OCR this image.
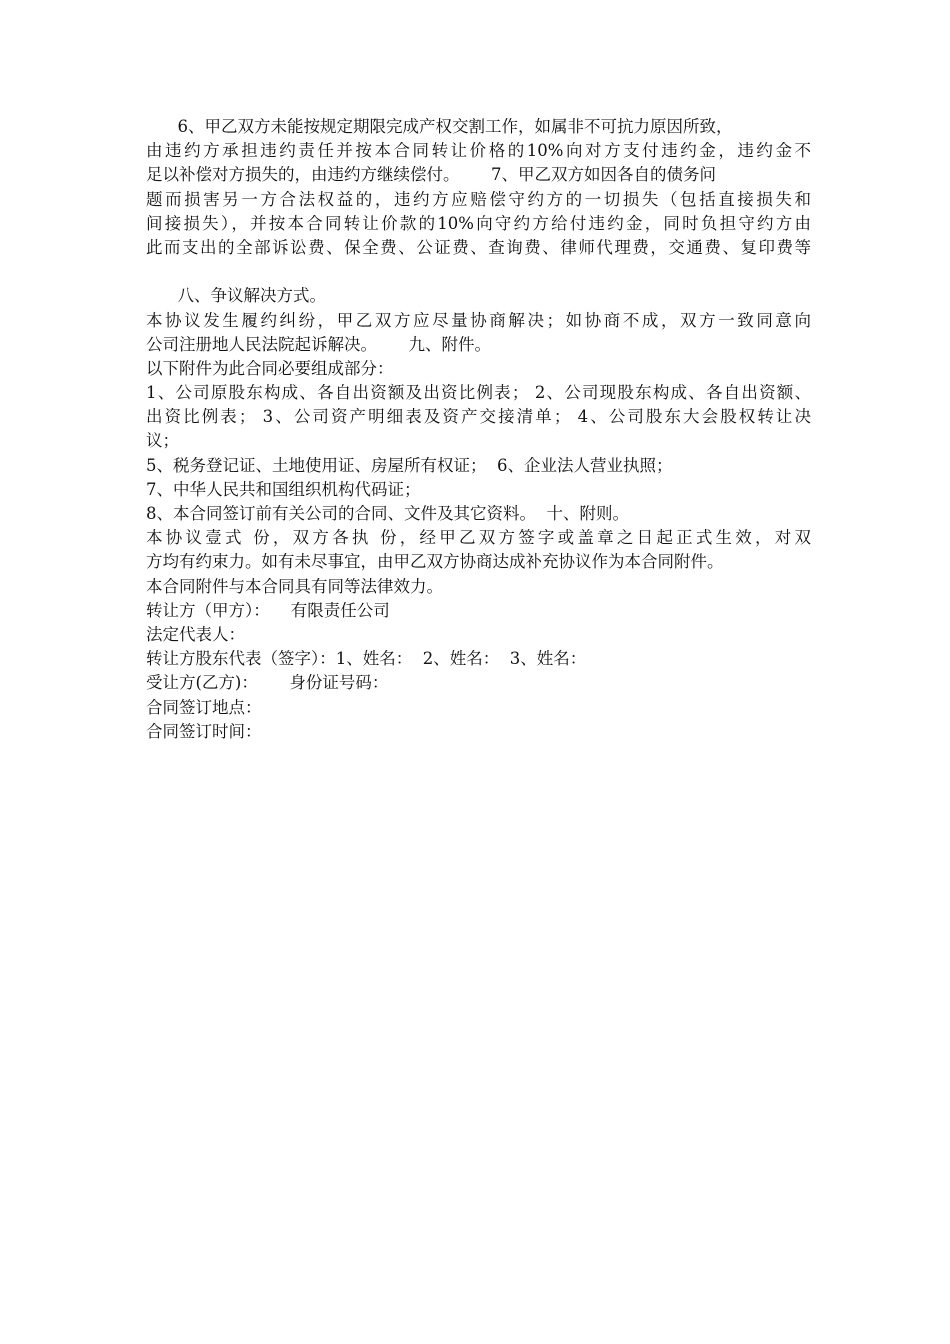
6、甲乙双方未能按规定期限完成产权交割工作，如属非不可抗力原因所致，
由违约方承担违约责任并按本合同转让价格的10%向对方支付违约金，违约金不
足以补偿对方损失的，由违约方继续偿付。      7、甲乙双方如因各自的债务问
题而损害另一方合法权益的，违约方应赔偿守约方的一切损失（包括直接损失和
间接损失），并按本合同转让价款的10%向守约方给付违约金，同时负担守约方由
此而支出的全部诉讼费、保全费、公证费、查询费、律师代理费，交通费、复印费等
八、争议解决方式。
本协议发生履约纠纷，甲乙双方应尽量协商解决；如协商不成，双方一致同意向
公司注册地人民法院起诉解决。      九、附件。
以下附件为此合同必要组成部分：
1、公司原股东构成、各自出资额及出资比例表； 2、公司现股东构成、各自出资额、
出资比例表； 3、公司资产明细表及资产交接清单； 4、公司股东大会股权转让决
议；
5、税务登记证、土地使用证、房屋所有权证；  6、企业法人营业执照；
7、中华人民共和国组织机构代码证；
8、本合同签订前有关公司的合同、文件及其它资料。  十、附则。
本协议壹式 份，双方各执 份，经甲乙双方签字或盖章之日起正式生效，对双
方均有约束力。如有未尽事宜，由甲乙双方协商达成补充协议作为本合同附件。
本合同附件与本合同具有同等法律效力。
转让方（甲方）：    有限责任公司
法定代表人：
转让方股东代表（签字）：1、姓名：  2、姓名：  3、姓名：
受让方(乙方)：      身份证号码：
合同签订地点：
合同签订时间：
